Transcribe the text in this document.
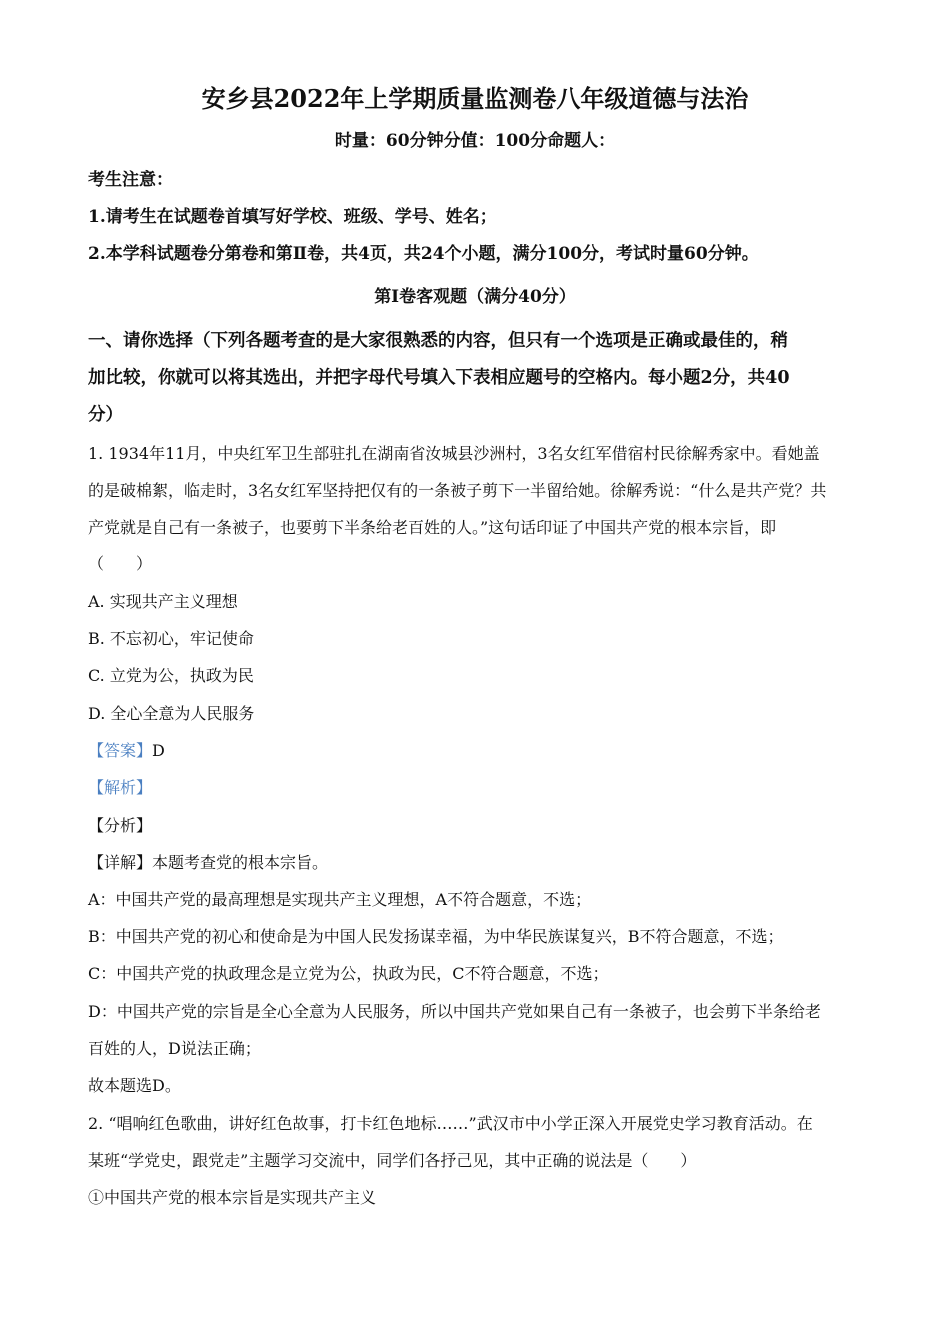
安乡县2022年上学期质量监测卷八年级道德与法治
时量：60分钟分值：100分命题人：
考生注意：
1.请考生在试题卷首填写好学校、班级、学号、姓名；
2.本学科试题卷分第卷和第Ⅱ卷，共4页，共24个小题，满分100分，考试时量60分钟。
第Ⅰ卷客观题（满分40分）
一、请你选择（下列各题考查的是大家很熟悉的内容，但只有一个选项是正确或最佳的，稍
加比较，你就可以将其选出，并把字母代号填入下表相应题号的空格内。每小题2分，共40
分）
1. 1934年11月，中央红军卫生部驻扎在湖南省汝城县沙洲村，3名女红军借宿村民徐解秀家中。看她盖
的是破棉絮，临走时，3名女红军坚持把仅有的一条被子剪下一半留给她。徐解秀说：“什么是共产党？共
产党就是自己有一条被子，也要剪下半条给老百姓的人。”这句话印证了中国共产党的根本宗旨，即
（　　）
A. 实现共产主义理想
B. 不忘初心，牢记使命
C. 立党为公，执政为民
D. 全心全意为人民服务
【答案】D
【解析】
【分析】
【详解】本题考查党的根本宗旨。
A：中国共产党的最高理想是实现共产主义理想，A不符合题意，不选；
B：中国共产党的初心和使命是为中国人民发扬谋幸福，为中华民族谋复兴，B不符合题意，不选；
C：中国共产党的执政理念是立党为公，执政为民，C不符合题意，不选；
D：中国共产党的宗旨是全心全意为人民服务，所以中国共产党如果自己有一条被子，也会剪下半条给老
百姓的人，D说法正确；
故本题选D。
2. “唱响红色歌曲，讲好红色故事，打卡红色地标……”武汉市中小学正深入开展党史学习教育活动。在
某班“学党史，跟党走”主题学习交流中，同学们各抒己见，其中正确的说法是（　　）
①中国共产党的根本宗旨是实现共产主义
